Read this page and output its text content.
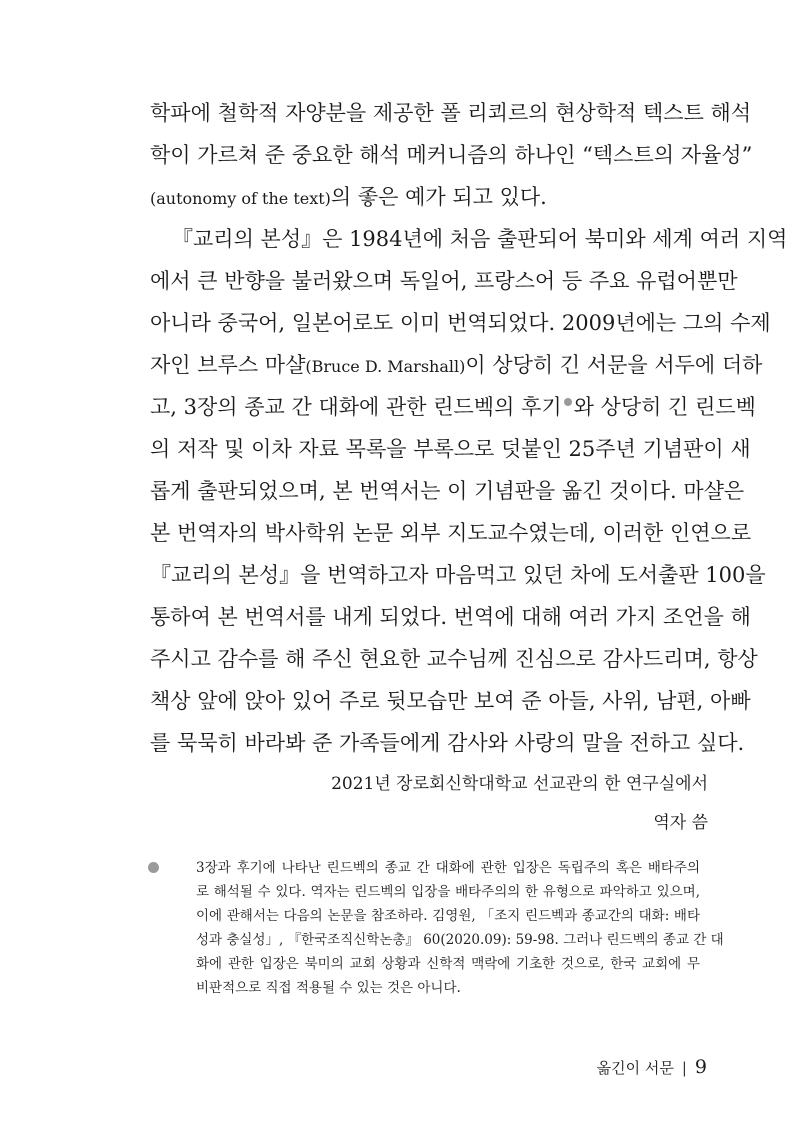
학파에 철학적 자양분을 제공한 폴 리쾨르의 현상학적 텍스트 해석
학이 가르쳐 준 중요한 해석 메커니즘의 하나인 “텍스트의 자율성”
(autonomy of the text)의 좋은 예가 되고 있다.
『교리의 본성』은 1984년에 처음 출판되어 북미와 세계 여러 지역
에서 큰 반향을 불러왔으며 독일어, 프랑스어 등 주요 유럽어뿐만
아니라 중국어, 일본어로도 이미 번역되었다. 2009년에는 그의 수제
자인 브루스 마샬(Bruce D. Marshall)이 상당히 긴 서문을 서두에 더하
고, 3장의 종교 간 대화에 관한 린드벡의 후기 와 상당히 긴 린드벡
의 저작 및 이차 자료 목록을 부록으로 덧붙인 25주년 기념판이 새
롭게 출판되었으며, 본 번역서는 이 기념판을 옮긴 것이다. 마샬은
본 번역자의 박사학위 논문 외부 지도교수였는데, 이러한 인연으로
『교리의 본성』을 번역하고자 마음먹고 있던 차에 도서출판 100을
통하여 본 번역서를 내게 되었다. 번역에 대해 여러 가지 조언을 해
주시고 감수를 해 주신 현요한 교수님께 진심으로 감사드리며, 항상
책상 앞에 앉아 있어 주로 뒷모습만 보여 준 아들, 사위, 남편, 아빠
를 묵묵히 바라봐 준 가족들에게 감사와 사랑의 말을 전하고 싶다.
2021년 장로회신학대학교 선교관의 한 연구실에서
역자 씀
3장과 후기에 나타난 린드벡의 종교 간 대화에 관한 입장은 독립주의 혹은 배타주의
로 해석될 수 있다. 역자는 린드벡의 입장을 배타주의의 한 유형으로 파악하고 있으며,
이에 관해서는 다음의 논문을 참조하라. 김영원, 「조지 린드벡과 종교간의 대화: 배타
성과 충실성」, 『한국조직신학논총』 60(2020.09): 59-98. 그러나 린드벡의 종교 간 대
화에 관한 입장은 북미의 교회 상황과 신학적 맥락에 기초한 것으로, 한국 교회에 무
비판적으로 직접 적용될 수 있는 것은 아니다.
옮긴이 서문 | 9
